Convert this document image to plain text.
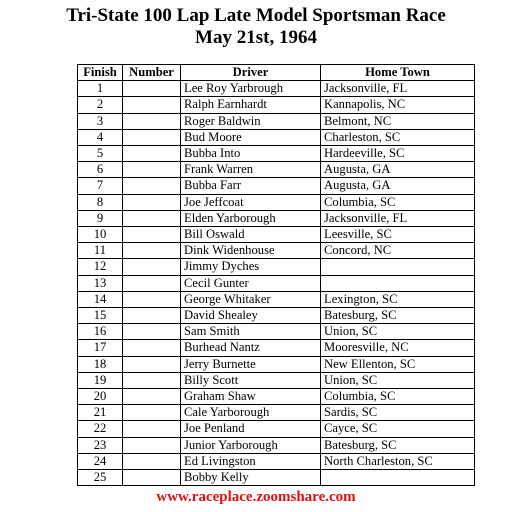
Tri-State 100 Lap Late Model Sportsman Race
May 21st, 1964
Finish	Number	Driver	Home Town
1		Lee Roy Yarbrough	Jacksonville, FL
2		Ralph Earnhardt	Kannapolis, NC
3		Roger Baldwin	Belmont, NC
4		Bud Moore	Charleston, SC
5		Bubba Into	Hardeeville, SC
6		Frank Warren	Augusta, GA
7		Bubba Farr	Augusta, GA
8		Joe Jeffcoat	Columbia, SC
9		Elden Yarborough	Jacksonville, FL
10		Bill Oswald	Leesville, SC
11		Dink Widenhouse	Concord, NC
12		Jimmy Dyches	
13		Cecil Gunter	
14		George Whitaker	Lexington, SC
15		David Shealey	Batesburg, SC
16		Sam Smith	Union, SC
17		Burhead Nantz	Mooresville, NC
18		Jerry Burnette	New Ellenton, SC
19		Billy Scott	Union, SC
20		Graham Shaw	Columbia, SC
21		Cale Yarborough	Sardis, SC
22		Joe Penland	Cayce, SC
23		Junior Yarborough	Batesburg, SC
24		Ed Livingston	North Charleston, SC
25		Bobby Kelly	
www.raceplace.zoomshare.com
